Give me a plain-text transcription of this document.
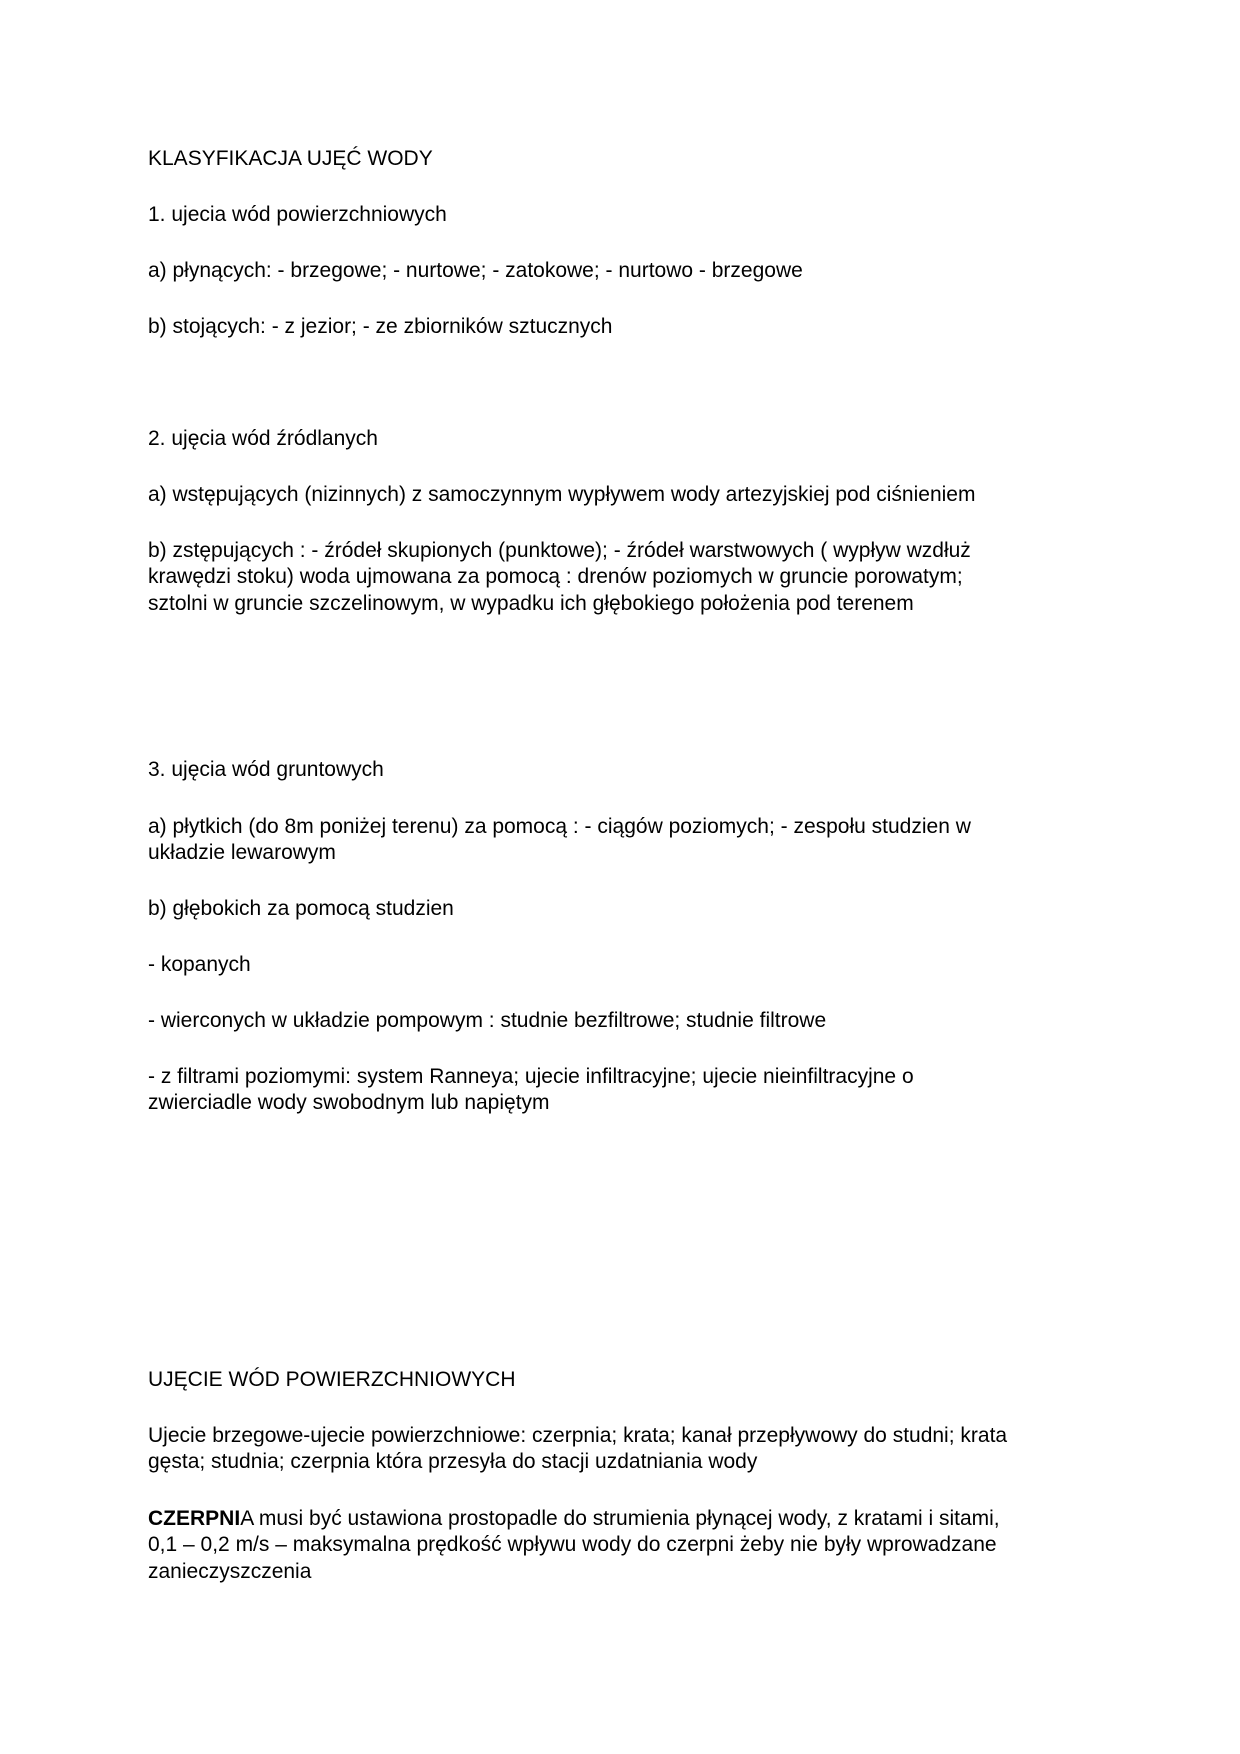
KLASYFIKACJA UJĘĆ WODY
1. ujecia wód powierzchniowych
a) płynących: - brzegowe; - nurtowe; - zatokowe; - nurtowo - brzegowe
b) stojących: - z jezior; - ze zbiorników sztucznych
2. ujęcia wód źródlanych
a) wstępujących (nizinnych) z samoczynnym wypływem wody artezyjskiej pod ciśnieniem
b) zstępujących : - źródeł skupionych (punktowe); - źródeł warstwowych ( wypływ wzdłuż
krawędzi stoku) woda ujmowana za pomocą : drenów poziomych w gruncie porowatym;
sztolni w gruncie szczelinowym, w wypadku ich głębokiego położenia pod terenem
3. ujęcia wód gruntowych
a) płytkich (do 8m poniżej terenu) za pomocą : - ciągów poziomych; - zespołu studzien w
układzie lewarowym
b) głębokich za pomocą studzien
- kopanych
- wierconych w układzie pompowym : studnie bezfiltrowe; studnie filtrowe
- z filtrami poziomymi: system Ranneya; ujecie infiltracyjne; ujecie nieinfiltracyjne o
zwierciadle wody swobodnym lub napiętym
UJĘCIE WÓD POWIERZCHNIOWYCH
Ujecie brzegowe-ujecie powierzchniowe: czerpnia; krata; kanał przepływowy do studni; krata
gęsta; studnia; czerpnia która przesyła do stacji uzdatniania wody
CZERPNIA musi być ustawiona prostopadle do strumienia płynącej wody, z kratami i sitami,
0,1 – 0,2 m/s – maksymalna prędkość wpływu wody do czerpni żeby nie były wprowadzane
zanieczyszczenia
